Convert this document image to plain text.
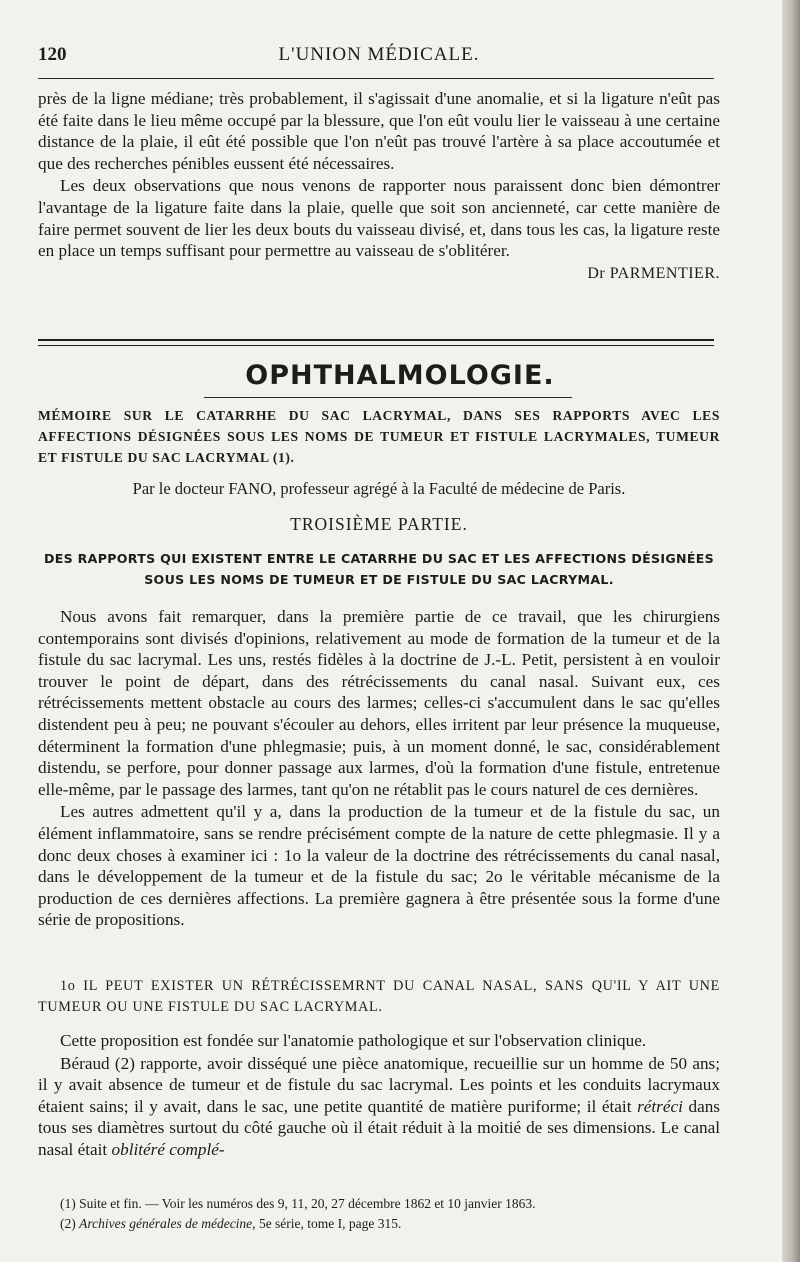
120	L'UNION MÉDICALE.

près de la ligne médiane; très probablement, il s'agissait d'une anomalie, et si la ligature n'eût pas été faite dans le lieu même occupé par la blessure, que l'on eût voulu lier le vaisseau à une certaine distance de la plaie, il eût été possible que l'on n'eût pas trouvé l'artère à sa place accoutumée et que des recherches pénibles eussent été nécessaires.

Les deux observations que nous venons de rapporter nous paraissent donc bien démontrer l'avantage de la ligature faite dans la plaie, quelle que soit son ancienneté, car cette manière de faire permet souvent de lier les deux bouts du vaisseau divisé, et, dans tous les cas, la ligature reste en place un temps suffisant pour permettre au vaisseau de s'oblitérer.

Dr PARMENTIER.

OPHTHALMOLOGIE.

MÉMOIRE SUR LE CATARRHE DU SAC LACRYMAL, DANS SES RAPPORTS AVEC LES AFFECTIONS DÉSIGNÉES SOUS LES NOMS DE TUMEUR ET FISTULE LACRYMALES, TUMEUR ET FISTULE DU SAC LACRYMAL (1).

Par le docteur FANO, professeur agrégé à la Faculté de médecine de Paris.

TROISIÈME PARTIE.

DES RAPPORTS QUI EXISTENT ENTRE LE CATARRHE DU SAC ET LES AFFECTIONS DÉSIGNÉES

SOUS LES NOMS DE TUMEUR ET DE FISTULE DU SAC LACRYMAL.

Nous avons fait remarquer, dans la première partie de ce travail, que les chirurgiens contemporains sont divisés d'opinions, relativement au mode de formation de la tumeur et de la fistule du sac lacrymal. Les uns, restés fidèles à la doctrine de J.-L. Petit, persistent à en vouloir trouver le point de départ, dans des rétrécissements du canal nasal. Suivant eux, ces rétrécissements mettent obstacle au cours des larmes; celles-ci s'accumulent dans le sac qu'elles distendent peu à peu; ne pouvant s'écouler au dehors, elles irritent par leur présence la muqueuse, déterminent la formation d'une phlegmasie; puis, à un moment donné, le sac, considérablement distendu, se perfore, pour donner passage aux larmes, d'où la formation d'une fistule, entretenue elle-même, par le passage des larmes, tant qu'on ne rétablit pas le cours naturel de ces dernières.

Les autres admettent qu'il y a, dans la production de la tumeur et de la fistule du sac, un élément inflammatoire, sans se rendre précisément compte de la nature de cette phlegmasie. Il y a donc deux choses à examiner ici : 1o la valeur de la doctrine des rétrécissements du canal nasal, dans le développement de la tumeur et de la fistule du sac; 2o le véritable mécanisme de la production de ces dernières affections. La première gagnera à être présentée sous la forme d'une série de propositions.

1o IL PEUT EXISTER UN RÉTRÉCISSEMRNT DU CANAL NASAL, SANS QU'IL Y AIT UNE TUMEUR OU UNE FISTULE DU SAC LACRYMAL.

Cette proposition est fondée sur l'anatomie pathologique et sur l'observation clinique.

Béraud (2) rapporte, avoir disséqué une pièce anatomique, recueillie sur un homme de 50 ans; il y avait absence de tumeur et de fistule du sac lacrymal. Les points et les conduits lacrymaux étaient sains; il y avait, dans le sac, une petite quantité de matière puriforme; il était rétréci dans tous ses diamètres surtout du côté gauche où il était réduit à la moitié de ses dimensions. Le canal nasal était oblitéré complé-

(1) Suite et fin. — Voir les numéros des 9, 11, 20, 27 décembre 1862 et 10 janvier 1863.

(2) Archives générales de médecine, 5e série, tome I, page 315.
